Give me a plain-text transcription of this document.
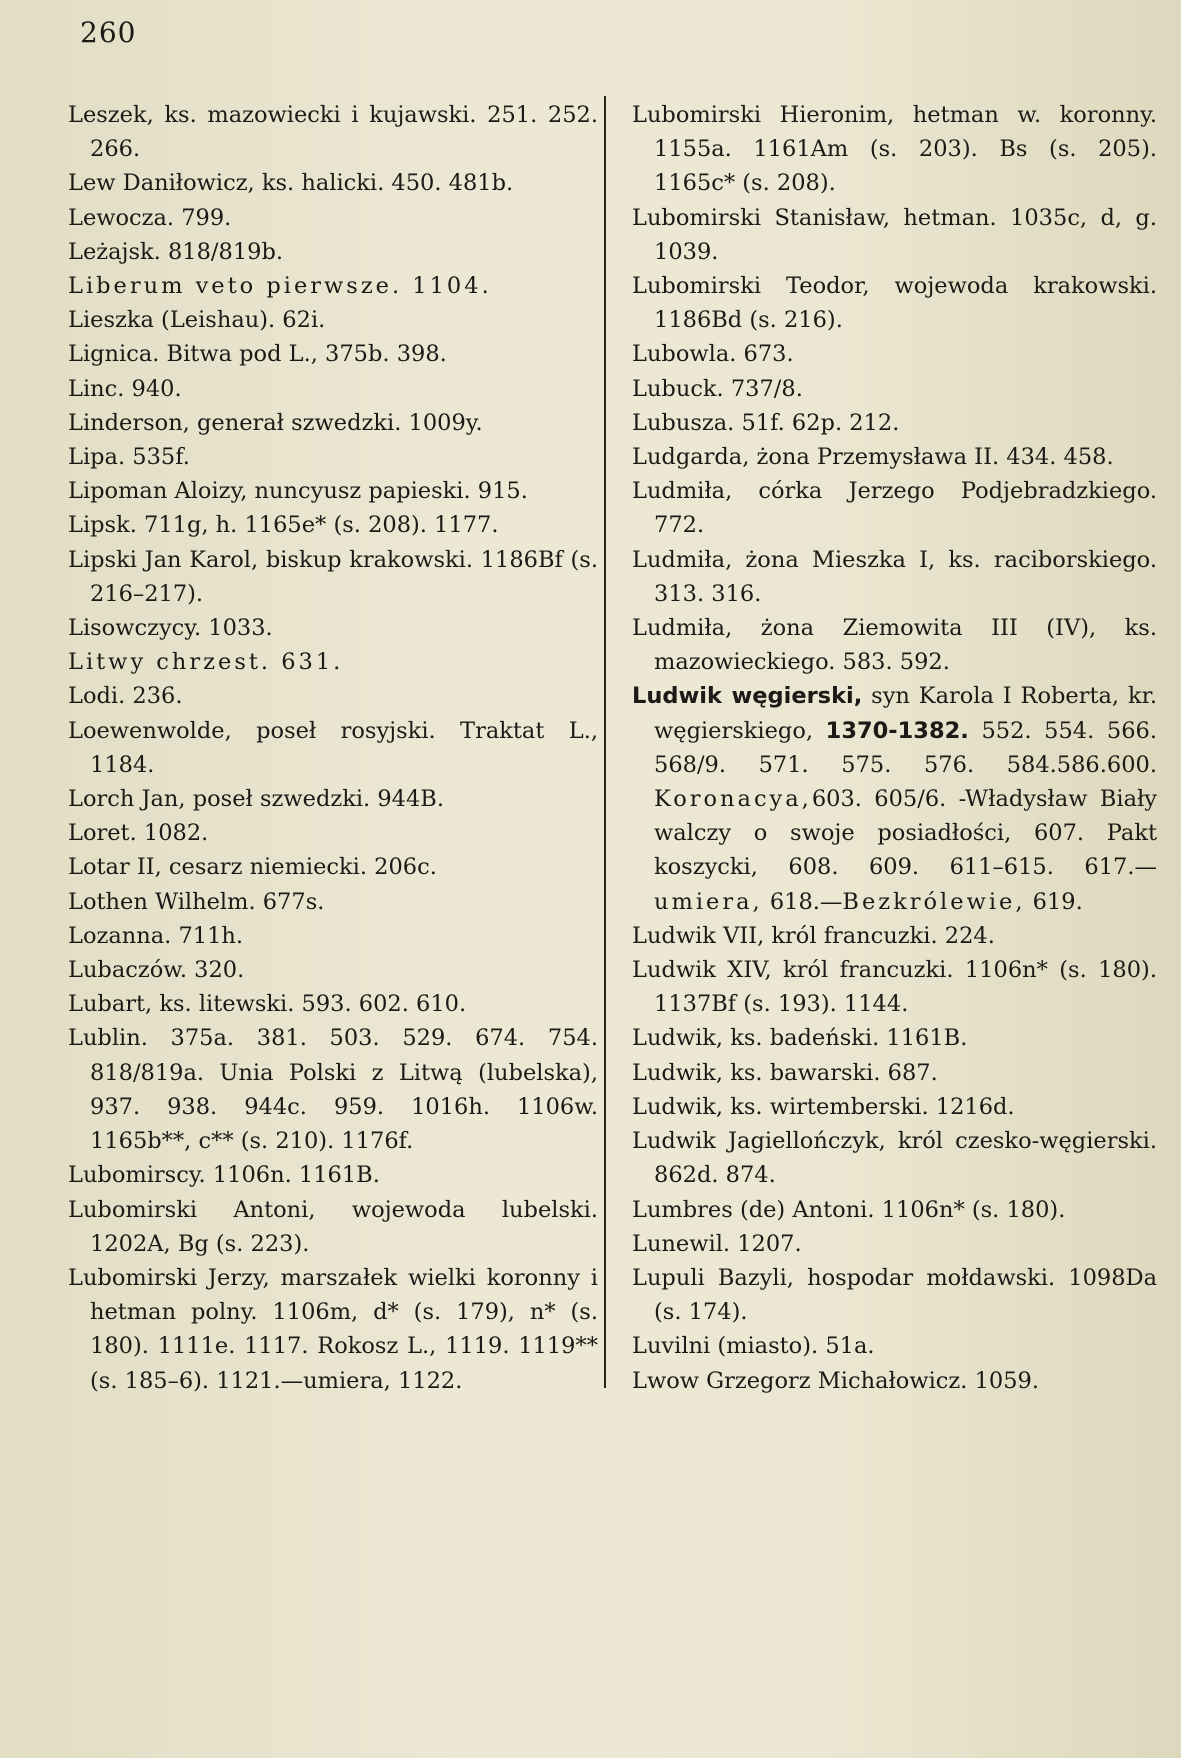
260
Leszek, ks. mazowiecki i kujawski. 251. 252. 266.
Lew Daniłowicz, ks. halicki. 450. 481b.
Lewocza. 799.
Leżajsk. 818/819b.
Liberum veto pierwsze. 1104.
Lieszka (Leishau). 62i.
Lignica. Bitwa pod L., 375b. 398.
Linc. 940.
Linderson, generał szwedzki. 1009y.
Lipa. 535f.
Lipoman Aloizy, nuncyusz papieski. 915.
Lipsk. 711g, h. 1165e* (s. 208). 1177.
Lipski Jan Karol, biskup krakowski. 1186Bf (s. 216–217).
Lisowczycy. 1033.
Litwy chrzest. 631.
Lodi. 236.
Loewenwolde, poseł rosyjski. Traktat L., 1184.
Lorch Jan, poseł szwedzki. 944B.
Loret. 1082.
Lotar II, cesarz niemiecki. 206c.
Lothen Wilhelm. 677s.
Lozanna. 711h.
Lubaczów. 320.
Lubart, ks. litewski. 593. 602. 610.
Lublin. 375a. 381. 503. 529. 674. 754. 818/819a. Unia Polski z Litwą (lubelska), 937. 938. 944c. 959. 1016h. 1106w. 1165b**, c** (s. 210). 1176f.
Lubomirscy. 1106n. 1161B.
Lubomirski Antoni, wojewoda lubelski. 1202A, Bg (s. 223).
Lubomirski Jerzy, marszałek wielki koronny i hetman polny. 1106m, d* (s. 179), n* (s. 180). 1111e. 1117. Rokosz L., 1119. 1119** (s. 185–6). 1121.—umiera, 1122.
Lubomirski Hieronim, hetman w. koronny. 1155a. 1161Am (s. 203). Bs (s. 205). 1165c* (s. 208).
Lubomirski Stanisław, hetman. 1035c, d, g. 1039.
Lubomirski Teodor, wojewoda krakowski. 1186Bd (s. 216).
Lubowla. 673.
Lubuck. 737/8.
Lubusza. 51f. 62p. 212.
Ludgarda, żona Przemysława II. 434. 458.
Ludmiła, córka Jerzego Podjebradzkiego. 772.
Ludmiła, żona Mieszka I, ks. raciborskiego. 313. 316.
Ludmiła, żona Ziemowita III (IV), ks. mazowieckiego. 583. 592.
Ludwik węgierski, syn Karola I Roberta, kr. węgierskiego, 1370-1382. 552. 554. 566. 568/9. 571. 575. 576. 584.586.600. Koronacya,603. 605/6. -Władysław Biały walczy o swoje posiadłości, 607. Pakt koszycki, 608. 609. 611–615. 617.—umiera, 618.—Bezkrólewie, 619.
Ludwik VII, król francuzki. 224.
Ludwik XIV, król francuzki. 1106n* (s. 180). 1137Bf (s. 193). 1144.
Ludwik, ks. badeński. 1161B.
Ludwik, ks. bawarski. 687.
Ludwik, ks. wirtemberski. 1216d.
Ludwik Jagiellończyk, król czesko-węgierski. 862d. 874.
Lumbres (de) Antoni. 1106n* (s. 180).
Lunewil. 1207.
Lupuli Bazyli, hospodar mołdawski. 1098Da (s. 174).
Luvilni (miasto). 51a.
Lwow Grzegorz Michałowicz. 1059.
